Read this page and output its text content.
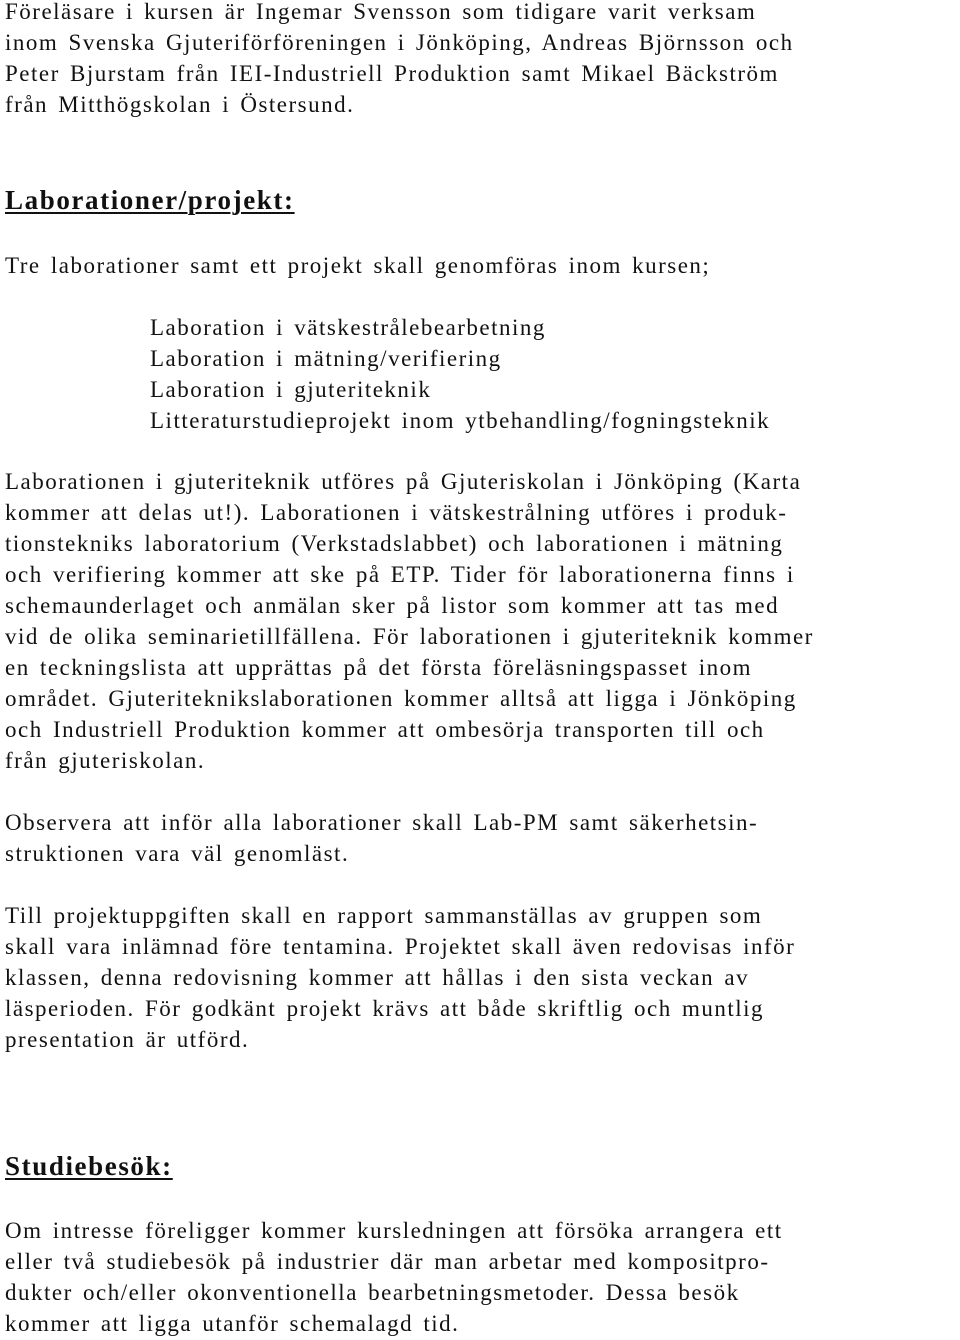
Föreläsare i kursen är Ingemar Svensson som tidigare varit verksam
inom Svenska Gjuteriförföreningen i Jönköping, Andreas Björnsson och
Peter Bjurstam från IEI-Industriell Produktion samt Mikael Bäckström
från Mitthögskolan i Östersund.
Laborationer/projekt:
Tre laborationer samt ett projekt skall genomföras inom kursen;
Laboration i vätskestrålebearbetning
Laboration i mätning/verifiering
Laboration i gjuteriteknik
Litteraturstudieprojekt inom ytbehandling/fogningsteknik
Laborationen i gjuteriteknik utföres på Gjuteriskolan i Jönköping (Karta
kommer att delas ut!). Laborationen i vätskestrålning utföres i produk-
tionstekniks laboratorium (Verkstadslabbet) och laborationen i mätning
och verifiering kommer att ske på ETP. Tider för laborationerna finns i
schemaunderlaget och anmälan sker på listor som kommer att tas med
vid de olika seminarietillfällena. För laborationen i gjuteriteknik kommer
en teckningslista att upprättas på det första föreläsningspasset inom
området. Gjuteriteknikslaborationen kommer alltså att ligga i Jönköping
och Industriell Produktion kommer att ombesörja transporten till och
från gjuteriskolan.
Observera att inför alla laborationer skall Lab-PM samt säkerhetsin-
struktionen vara väl genomläst.
Till projektuppgiften skall en rapport sammanställas av gruppen som
skall vara inlämnad före tentamina. Projektet skall även redovisas inför
klassen, denna redovisning kommer att hållas i den sista veckan av
läsperioden. För godkänt projekt krävs att både skriftlig och muntlig
presentation är utförd.
Studiebesök:
Om intresse föreligger kommer kursledningen att försöka arrangera ett
eller två studiebesök på industrier där man arbetar med kompositpro-
dukter och/eller okonventionella bearbetningsmetoder. Dessa besök
kommer att ligga utanför schemalagd tid.
